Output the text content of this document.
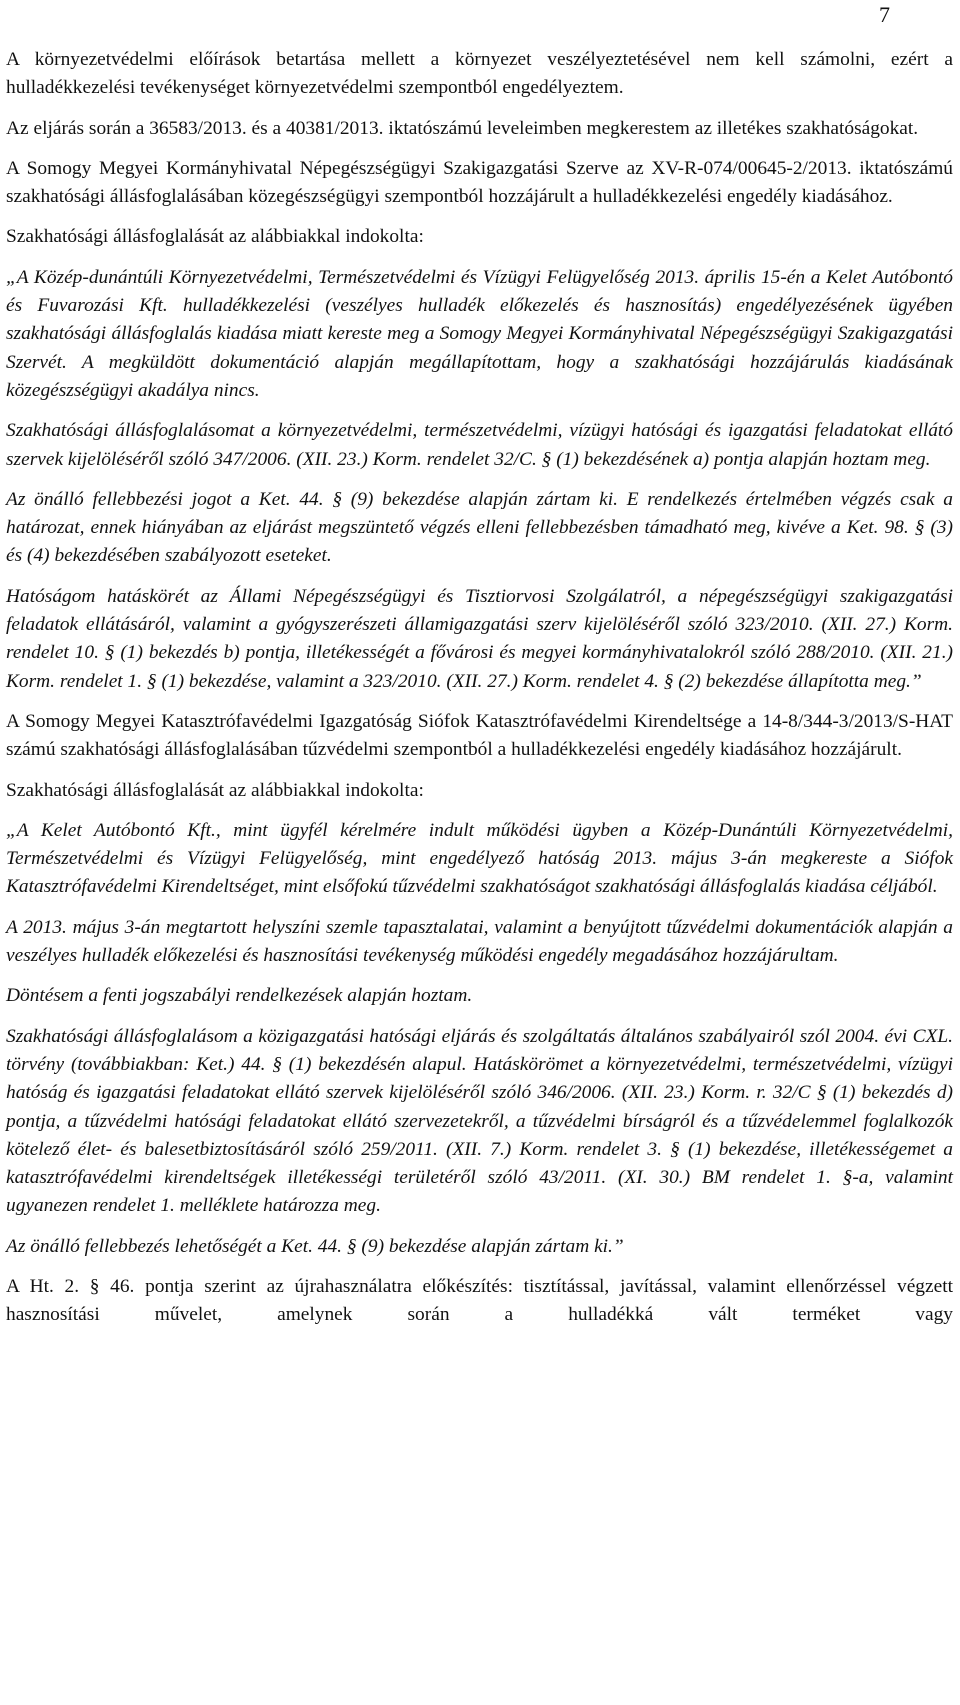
7

A környezetvédelmi előírások betartása mellett a környezet veszélyeztetésével nem kell számolni, ezért a hulladékkezelési tevékenységet környezetvédelmi szempontból engedélyeztem.

Az eljárás során a 36583/2013. és a 40381/2013. iktatószámú leveleimben megkerestem az illetékes szakhatóságokat.

A Somogy Megyei Kormányhivatal Népegészségügyi Szakigazgatási Szerve az XV-R-074/00645-2/2013. iktatószámú szakhatósági állásfoglalásában közegészségügyi szempontból hozzájárult a hulladékkezelési engedély kiadásához.

Szakhatósági állásfoglalását az alábbiakkal indokolta:

„A Közép-dunántúli Környezetvédelmi, Természetvédelmi és Vízügyi Felügyelőség 2013. április 15-én a Kelet Autóbontó és Fuvarozási Kft. hulladékkezelési (veszélyes hulladék előkezelés és hasznosítás) engedélyezésének ügyében szakhatósági állásfoglalás kiadása miatt kereste meg a Somogy Megyei Kormányhivatal Népegészségügyi Szakigazgatási Szervét. A megküldött dokumentáció alapján megállapítottam, hogy a szakhatósági hozzájárulás kiadásának közegészségügyi akadálya nincs.

Szakhatósági állásfoglalásomat a környezetvédelmi, természetvédelmi, vízügyi hatósági és igazgatási feladatokat ellátó szervek kijelöléséről szóló 347/2006. (XII. 23.) Korm. rendelet 32/C. § (1) bekezdésének a) pontja alapján hoztam meg.

Az önálló fellebbezési jogot a Ket. 44. § (9) bekezdése alapján zártam ki. E rendelkezés értelmében végzés csak a határozat, ennek hiányában az eljárást megszüntető végzés elleni fellebbezésben támadható meg, kivéve a Ket. 98. § (3) és (4) bekezdésében szabályozott eseteket.

Hatóságom hatáskörét az Állami Népegészségügyi és Tisztiorvosi Szolgálatról, a népegészségügyi szakigazgatási feladatok ellátásáról, valamint a gyógyszerészeti államigazgatási szerv kijelöléséről szóló 323/2010. (XII. 27.) Korm. rendelet 10. § (1) bekezdés b) pontja, illetékességét a fővárosi és megyei kormányhivatalokról szóló 288/2010. (XII. 21.) Korm. rendelet 1. § (1) bekezdése, valamint a 323/2010. (XII. 27.) Korm. rendelet 4. § (2) bekezdése állapította meg.”

A Somogy Megyei Katasztrófavédelmi Igazgatóság Siófok Katasztrófavédelmi Kirendeltsége a 14-8/344-3/2013/S-HAT számú szakhatósági állásfoglalásában tűzvédelmi szempontból a hulladékkezelési engedély kiadásához hozzájárult.

Szakhatósági állásfoglalását az alábbiakkal indokolta:

„A Kelet Autóbontó Kft., mint ügyfél kérelmére indult működési ügyben a Közép-Dunántúli Környezetvédelmi, Természetvédelmi és Vízügyi Felügyelőség, mint engedélyező hatóság 2013. május 3-án megkereste a Siófok Katasztrófavédelmi Kirendeltséget, mint elsőfokú tűzvédelmi szakhatóságot szakhatósági állásfoglalás kiadása céljából.

A 2013. május 3-án megtartott helyszíni szemle tapasztalatai, valamint a benyújtott tűzvédelmi dokumentációk alapján a veszélyes hulladék előkezelési és hasznosítási tevékenység működési engedély megadásához hozzájárultam.

Döntésem a fenti jogszabályi rendelkezések alapján hoztam.

Szakhatósági állásfoglalásom a közigazgatási hatósági eljárás és szolgáltatás általános szabályairól szól 2004. évi CXL. törvény (továbbiakban: Ket.) 44. § (1) bekezdésén alapul. Hatáskörömet a környezetvédelmi, természetvédelmi, vízügyi hatóság és igazgatási feladatokat ellátó szervek kijelöléséről szóló 346/2006. (XII. 23.) Korm. r. 32/C § (1) bekezdés d) pontja, a tűzvédelmi hatósági feladatokat ellátó szervezetekről, a tűzvédelmi bírságról és a tűzvédelemmel foglalkozók kötelező élet- és balesetbiztosításáról szóló 259/2011. (XII. 7.) Korm. rendelet 3. § (1) bekezdése, illetékességemet a katasztrófavédelmi kirendeltségek illetékességi területéről szóló 43/2011. (XI. 30.) BM rendelet 1. §-a, valamint ugyanezen rendelet 1. melléklete határozza meg.

Az önálló fellebbezés lehetőségét a Ket. 44. § (9) bekezdése alapján zártam ki.”

A Ht. 2. § 46. pontja szerint az újrahasználatra előkészítés: tisztítással, javítással, valamint ellenőrzéssel végzett hasznosítási művelet, amelynek során a hulladékká vált terméket vagy
